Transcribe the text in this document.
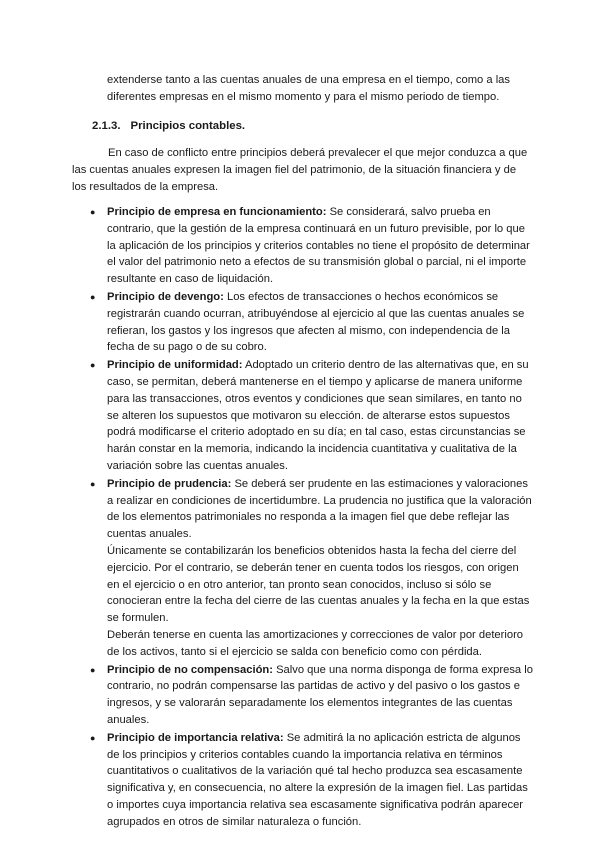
extenderse tanto a las cuentas anuales de una empresa en el tiempo, como a las diferentes empresas en el mismo momento y para el mismo periodo de tiempo.

2.1.3. Principios contables.

En caso de conflicto entre principios deberá prevalecer el que mejor conduzca a que las cuentas anuales expresen la imagen fiel del patrimonio, de la situación financiera y de los resultados de la empresa.

● Principio de empresa en funcionamiento: Se considerará, salvo prueba en contrario, que la gestión de la empresa continuará en un futuro previsible, por lo que la aplicación de los principios y criterios contables no tiene el propósito de determinar el valor del patrimonio neto a efectos de su transmisión global o parcial, ni el importe resultante en caso de liquidación.
● Principio de devengo: Los efectos de transacciones o hechos económicos se registrarán cuando ocurran, atribuyéndose al ejercicio al que las cuentas anuales se refieran, los gastos y los ingresos que afecten al mismo, con independencia de la fecha de su pago o de su cobro.
● Principio de uniformidad: Adoptado un criterio dentro de las alternativas que, en su caso, se permitan, deberá mantenerse en el tiempo y aplicarse de manera uniforme para las transacciones, otros eventos y condiciones que sean similares, en tanto no se alteren los supuestos que motivaron su elección. de alterarse estos supuestos podrá modificarse el criterio adoptado en su día; en tal caso, estas circunstancias se harán constar en la memoria, indicando la incidencia cuantitativa y cualitativa de la variación sobre las cuentas anuales.
● Principio de prudencia: Se deberá ser prudente en las estimaciones y valoraciones a realizar en condiciones de incertidumbre. La prudencia no justifica que la valoración de los elementos patrimoniales no responda a la imagen fiel que debe reflejar las cuentas anuales.

Únicamente se contabilizarán los beneficios obtenidos hasta la fecha del cierre del ejercicio. Por el contrario, se deberán tener en cuenta todos los riesgos, con origen en el ejercicio o en otro anterior, tan pronto sean conocidos, incluso si sólo se conocieran entre la fecha del cierre de las cuentas anuales y la fecha en la que estas se formulen.

Deberán tenerse en cuenta las amortizaciones y correcciones de valor por deterioro de los activos, tanto si el ejercicio se salda con beneficio como con pérdida.

● Principio de no compensación: Salvo que una norma disponga de forma expresa lo contrario, no podrán compensarse las partidas de activo y del pasivo o los gastos e ingresos, y se valorarán separadamente los elementos integrantes de las cuentas anuales.
● Principio de importancia relativa: Se admitirá la no aplicación estricta de algunos de los principios y criterios contables cuando la importancia relativa en términos cuantitativos o cualitativos de la variación qué tal hecho produzca sea escasamente significativa y, en consecuencia, no altere la expresión de la imagen fiel. Las partidas o importes cuya importancia relativa sea escasamente significativa podrán aparecer agrupados en otros de similar naturaleza o función.
